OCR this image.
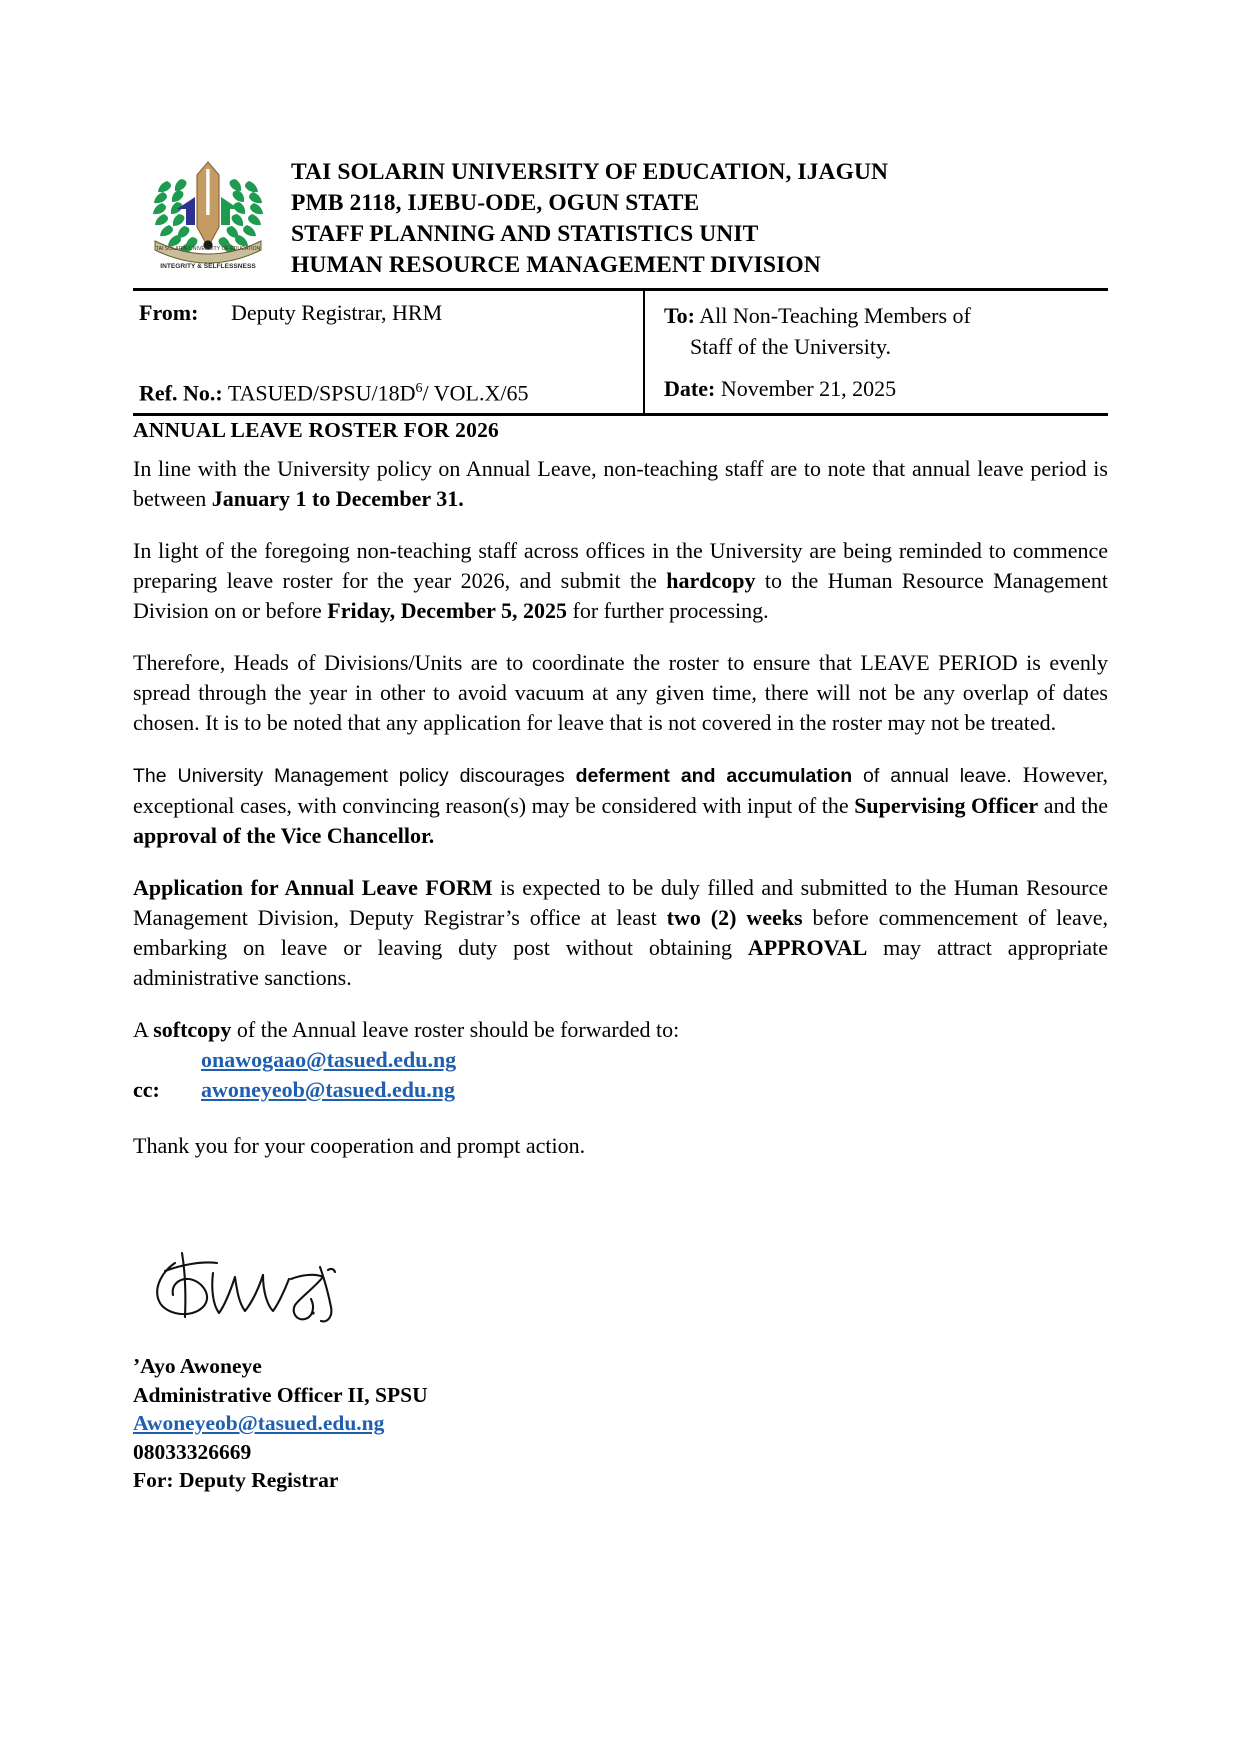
TAI SOLARIN UNIVERSITY OF EDUCATION
INTEGRITY & SELFLESSNESS
TAI SOLARIN UNIVERSITY OF EDUCATION, IJAGUN
PMB 2118, IJEBU-ODE, OGUN STATE
STAFF PLANNING AND STATISTICS UNIT
HUMAN RESOURCE MANAGEMENT DIVISION
From: Deputy Registrar, HRM	To: All Non-Teaching Members of
Staff of the University.
Ref. No.: TASUED/$SPSU/18D^6/$ VOL.X/65	Date: November 21, 2025
ANNUAL LEAVE ROSTER FOR 2026

In line with the University policy on Annual Leave, non-teaching staff are to note that annual leave period is between January 1 to December 31.

In light of the foregoing non-teaching staff across offices in the University are being reminded to commence preparing leave roster for the year 2026, and submit the hardcopy to the Human Resource Management Division on or before Friday, December 5, 2025 for further processing.

Therefore, Heads of Divisions/Units are to coordinate the roster to ensure that LEAVE PERIOD is evenly spread through the year in other to avoid vacuum at any given time, there will not be any overlap of dates chosen. It is to be noted that any application for leave that is not covered in the roster may not be treated.

The University Management policy discourages deferment and accumulation of annual leave. However, exceptional cases, with convincing reason(s) may be considered with input of the Supervising Officer and the approval of the Vice Chancellor.

Application for Annual Leave FORM is expected to be duly filled and submitted to the Human Resource Management Division, Deputy Registrar’s office at least two (2) weeks before commencement of leave, embarking on leave or leaving duty post without obtaining APPROVAL may attract appropriate administrative sanctions.

A softcopy of the Annual leave roster should be forwarded to:

onawogaao@tasued.edu.ng

cc: awoneyeob@tasued.edu.ng

Thank you for your cooperation and prompt action.

’Ayo Awoneye
Administrative Officer II, SPSU
Awoneyeob@tasued.edu.ng
08033326669
For: Deputy Registrar
